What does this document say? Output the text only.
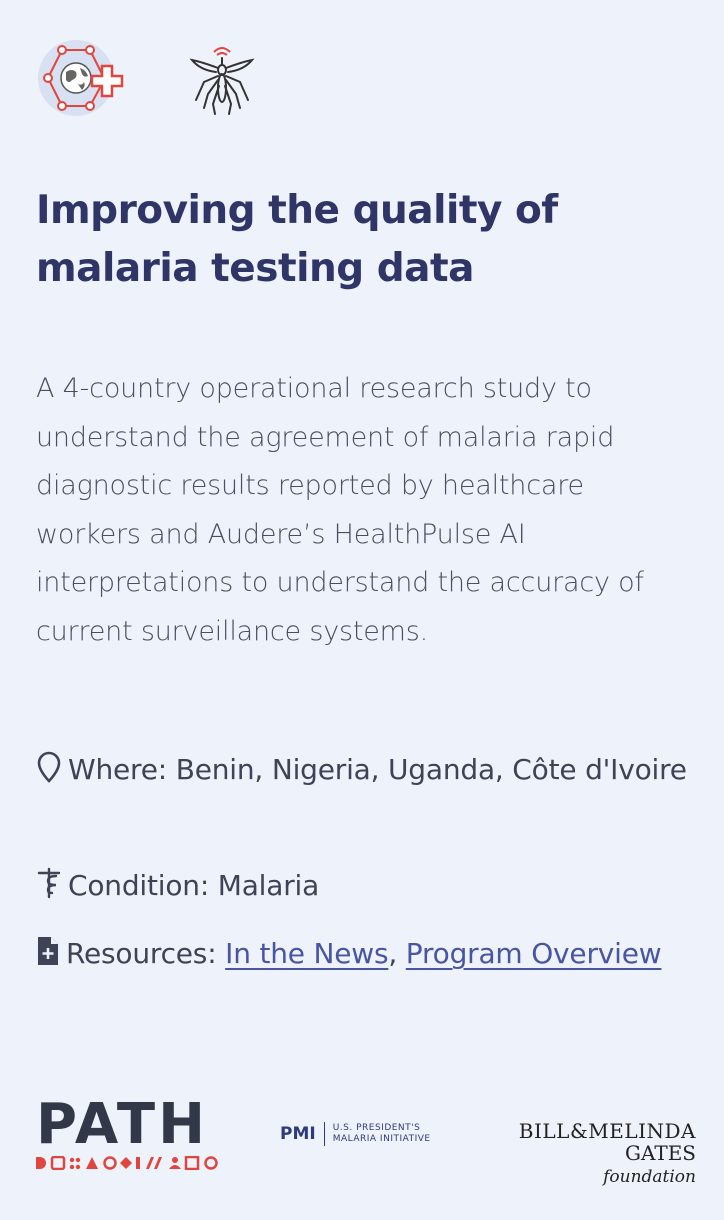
Improving the quality of malaria testing data

A 4-country operational research study to understand the agreement of malaria rapid diagnostic results reported by healthcare workers and Audere’s HealthPulse AI interpretations to understand the accuracy of current surveillance systems.

Where: Benin, Nigeria, Uganda, Côte d'Ivoire
Condition: Malaria
Resources: In the News, Program Overview
PATH	PMI U.S. PRESIDENT'S
MALARIA INITIATIVE	BILL&MELINDA
GATES foundation
